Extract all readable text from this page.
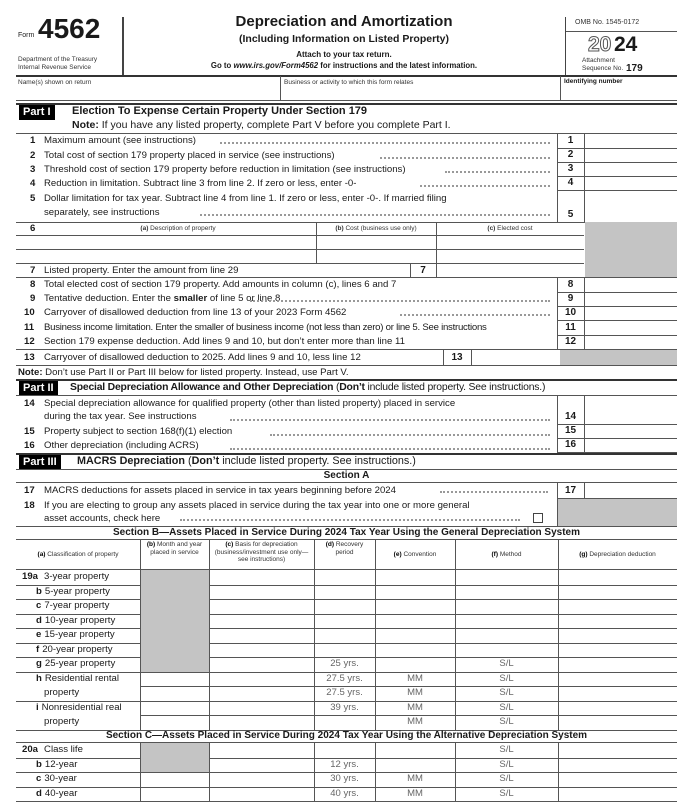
Form 4562
Department of the Treasury
Internal Revenue Service
Depreciation and Amortization
(Including Information on Listed Property)
Attach to your tax return.
Go to www.irs.gov/Form4562 for instructions and the latest information.
OMB No. 1545-0172
20 24
Attachment
Sequence No. 179
Name(s) shown on return	Business or activity to which this form relates	Identifying number
Part I	Election To Expense Certain Property Under Section 179
Note: If you have any listed property, complete Part V before you complete Part I.
1 Maximum amount (see instructions)	1
2 Total cost of section 179 property placed in service (see instructions)	2
3 Threshold cost of section 179 property before reduction in limitation (see instructions)	3
4 Reduction in limitation. Subtract line 3 from line 2. If zero or less, enter -0-	4
5 Dollar limitation for tax year. Subtract line 4 from line 1. If zero or less, enter -0-. If married filing
separately, see instructions	5
6	(a) Description of property	(b) Cost (business use only)	(c) Elected cost
7 Listed property. Enter the amount from line 29	7
8 Total elected cost of section 179 property. Add amounts in column (c), lines 6 and 7	8
9 Tentative deduction. Enter the smaller of line 5 or line 8	9
10 Carryover of disallowed deduction from line 13 of your 2023 Form 4562	10
11 Business income limitation. Enter the smaller of business income (not less than zero) or line 5. See instructions	11
12 Section 179 expense deduction. Add lines 9 and 10, but don’t enter more than line 11	12
13 Carryover of disallowed deduction to 2025. Add lines 9 and 10, less line 12	13
Note: Don’t use Part II or Part III below for listed property. Instead, use Part V.
Part II	Special Depreciation Allowance and Other Depreciation (Don’t include listed property. See instructions.)
14 Special depreciation allowance for qualified property (other than listed property) placed in service
during the tax year. See instructions	14
15 Property subject to section 168(f)(1) election	15
16 Other depreciation (including ACRS)	16
Part III	MACRS Depreciation (Don’t include listed property. See instructions.)
Section A
17 MACRS deductions for assets placed in service in tax years beginning before 2024	17
18 If you are electing to group any assets placed in service during the tax year into one or more general
asset accounts, check here
Section B—Assets Placed in Service During 2024 Tax Year Using the General Depreciation System
(a) Classification of property
(b) Month and year placed in service
(c) Basis for depreciation (business/investment use only—see instructions)
(d) Recovery period	(e) Convention	(f) Method	(g) Depreciation deduction
19a 3-year property
b 5-year property
c 7-year property
d 10-year property
e 15-year property
f 20-year property
g 25-year property	25 yrs.	S/L
h Residential rental	27.5 yrs.	MM	S/L
property	27.5 yrs.	MM	S/L
i Nonresidential real	39 yrs.	MM	S/L
property	MM	S/L
Section C—Assets Placed in Service During 2024 Tax Year Using the Alternative Depreciation System
20a Class life	S/L
b 12-year	12 yrs.	S/L
c 30-year	30 yrs.	MM	S/L
d 40-year	40 yrs.	MM	S/L
